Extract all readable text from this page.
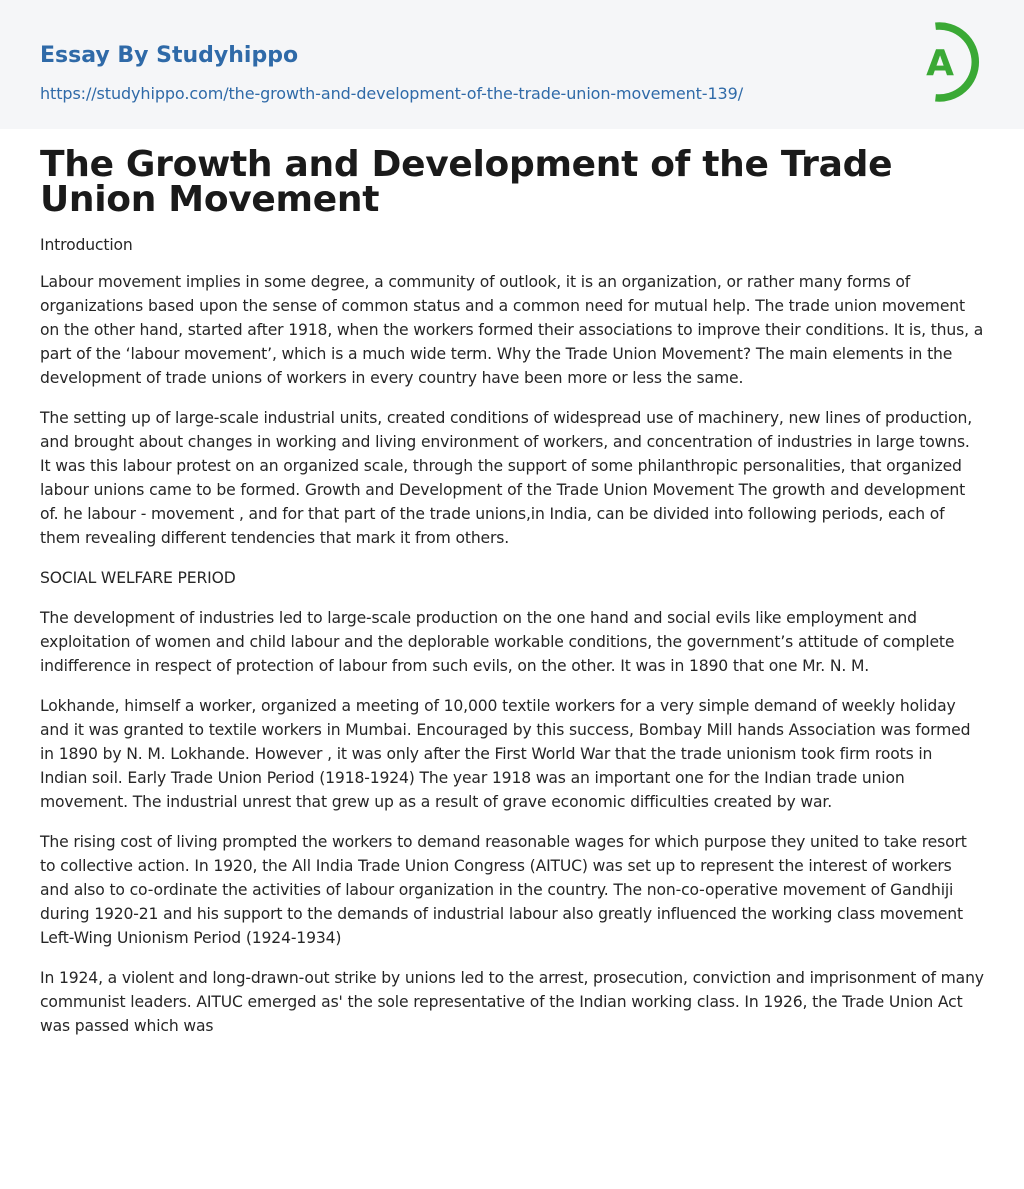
Essay By Studyhippo
https://studyhippo.com/the-growth-and-development-of-the-trade-union-movement-139/
A
The Growth and Development of the Trade Union Movement

Introduction

Labour movement implies in some degree, a community of outlook, it is an organization, or rather many forms of organizations based upon the sense of common status and a common need for mutual help. The trade union movement on the other hand, started after 1918, when the workers formed their associations to improve their conditions. It is, thus, a part of the ‘labour movement’, which is a much wide term. Why the Trade Union Movement? The main elements in the development of trade unions of workers in every country have been more or less the same.

The setting up of large-scale industrial units, created conditions of widespread use of machinery, new lines of production, and brought about changes in working and living environment of workers, and concentration of industries in large towns. It was this labour protest on an organized scale, through the support of some philanthropic personalities, that organized labour unions came to be formed. Growth and Development of the Trade Union Movement The growth and development of. he labour - movement , and for that part of the trade unions,in India, can be divided into following periods, each of them revealing different tendencies that mark it from others.

SOCIAL WELFARE PERIOD

The development of industries led to large-scale production on the one hand and social evils like employment and exploitation of women and child labour and the deplorable workable conditions, the government’s attitude of complete indifference in respect of protection of labour from such evils, on the other. It was in 1890 that one Mr. N. M.

Lokhande, himself a worker, organized a meeting of 10,000 textile workers for a very simple demand of weekly holiday and it was granted to textile workers in Mumbai. Encouraged by this success, Bombay Mill hands Association was formed in 1890 by N. M. Lokhande. However , it was only after the First World War that the trade unionism took firm roots in Indian soil. Early Trade Union Period (1918-1924) The year 1918 was an important one for the Indian trade union movement. The industrial unrest that grew up as a result of grave economic difficulties created by war.

The rising cost of living prompted the workers to demand reasonable wages for which purpose they united to take resort to collective action. In 1920, the All India Trade Union Congress (AITUC) was set up to represent the interest of workers and also to co-ordinate the activities of labour organization in the country. The non-co-operative movement of Gandhiji during 1920-21 and his support to the demands of industrial labour also greatly influenced the working class movement Left-Wing Unionism Period (1924-1934)

In 1924, a violent and long-drawn-out strike by unions led to the arrest, prosecution, conviction and imprisonment of many communist leaders. AITUC emerged as' the sole representative of the Indian working class. In 1926, the Trade Union Act was passed which was
